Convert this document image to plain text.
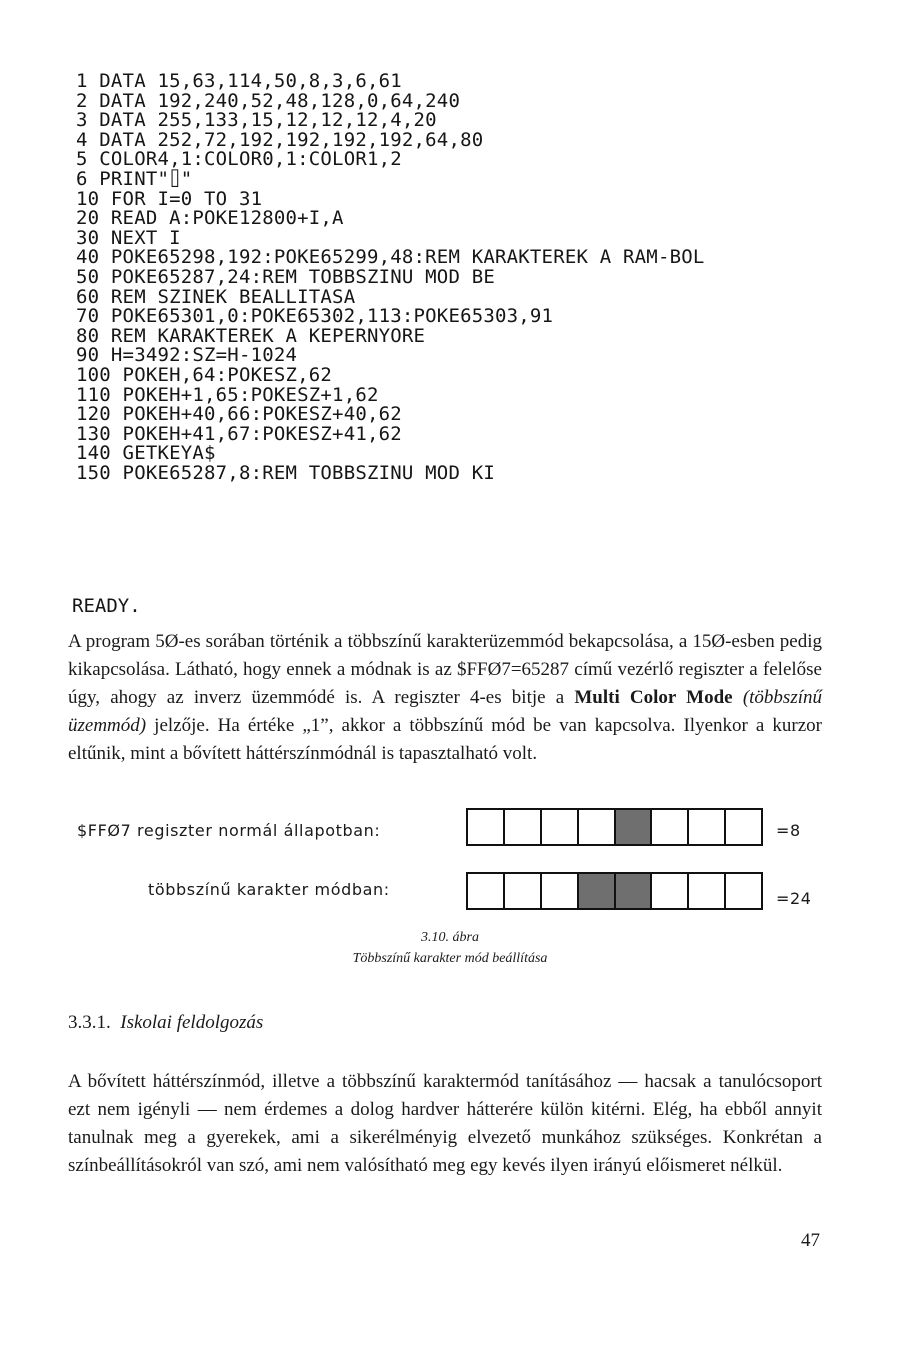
1 DATA 15,63,114,50,8,3,6,61
2 DATA 192,240,52,48,128,0,64,240
3 DATA 255,133,15,12,12,12,4,20
4 DATA 252,72,192,192,192,192,64,80
5 COLOR4,1:COLOR0,1:COLOR1,2
6 PRINT"⌷"
10 FOR I=0 TO 31
20 READ A:POKE12800+I,A
30 NEXT I
40 POKE65298,192:POKE65299,48:REM KARAKTEREK A RAM-BOL
50 POKE65287,24:REM TOBBSZINU MOD BE
60 REM SZINEK BEALLITASA
70 POKE65301,0:POKE65302,113:POKE65303,91
80 REM KARAKTEREK A KEPERNYORE
90 H=3492:SZ=H-1024
100 POKEH,64:POKESZ,62
110 POKEH+1,65:POKESZ+1,62
120 POKEH+40,66:POKESZ+40,62
130 POKEH+41,67:POKESZ+41,62
140 GETKEYA$
150 POKE65287,8:REM TOBBSZINU MOD KI
READY.

A program 5Ø-es sorában történik a többszínű karakterüzemmód bekapcsolása, a 15Ø-esben pedig kikapcsolása. Látható, hogy ennek a módnak is az $FFØ7=65287 című vezérlő regiszter a felelőse úgy, ahogy az inverz üzemmódé is. A regiszter 4-es bitje a Multi Color Mode (többszínű üzemmód) jelzője. Ha értéke „1”, akkor a többszínű mód be van kapcsolva. Ilyenkor a kurzor eltűnik, mint a bővített háttérszínmódnál is tapasztalható volt.

$FFØ7 regiszter normál állapotban:	=8
többszínű karakter módban:	=24
3.10. ábra
Többszínű karakter mód beállítása
3.3.1. Iskolai feldolgozás

A bővített háttérszínmód, illetve a többszínű karaktermód tanításához — hacsak a tanulócsoport ezt nem igényli — nem érdemes a dolog hardver hátterére külön kitérni. Elég, ha ebből annyit tanulnak meg a gyerekek, ami a sikerélményig elvezető munkához szükséges. Konkrétan a színbeállításokról van szó, ami nem valósítható meg egy kevés ilyen irányú előismeret nélkül.

47
